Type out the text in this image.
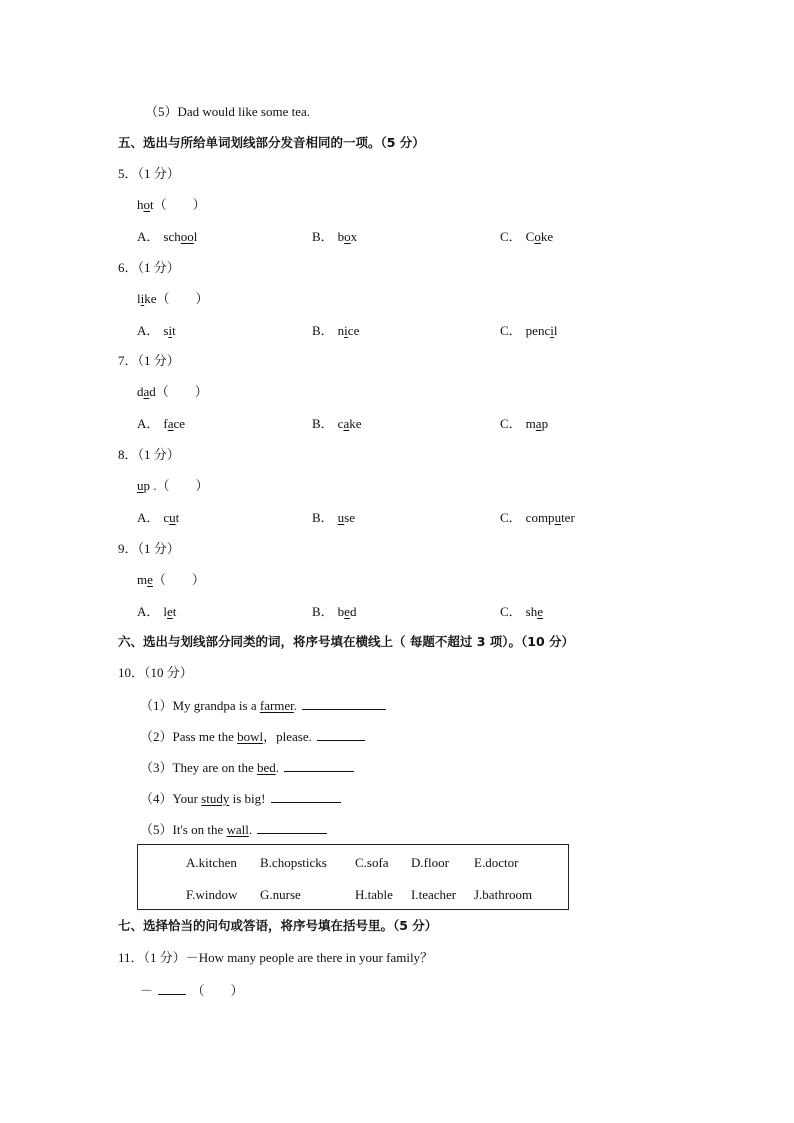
（5）Dad would like some tea.
五、选出与所给单词划线部分发音相同的一项。（5 分）
5．（1 分）
hot（　　）
A． school	B． box	C． Coke
6．（1 分）
like（　　）
A． sit	B． nice	C． pencil
7．（1 分）
dad（　　）
A． face	B． cake	C． map
8．（1 分）
up .（　　）
A． cut	B． use	C． computer
9．（1 分）
me（　　）
A． let	B． bed	C． she
六、选出与划线部分同类的词，将序号填在横线上（ 每题不超过 3 项）。（10 分）
10．（10 分）
（1）My grandpa is a farmer.
（2）Pass me the bowl，please.
（3）They are on the bed.
（4）Your study is big!
（5）It's on the wall.
A.kitchen B.chopsticks C.sofa D.floor E.doctor
F.window G.nurse	H.table I.teacher J.bathroom
七、选择恰当的问句或答语，将序号填在括号里。（5 分）
11．（1 分）－How many people are there in your family？
－	（　　）
